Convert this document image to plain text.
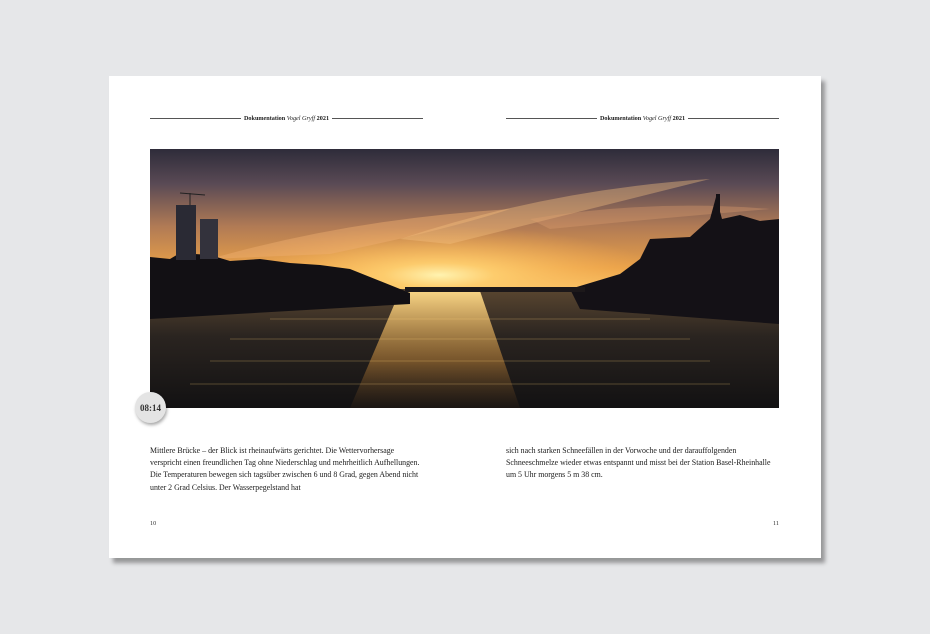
Dokumentation Vogel Gryff 2021	Dokumentation Vogel Gryff 2021
08:14

Mittlere Brücke – der Blick ist rheinaufwärts gerichtet. Die Wettervorhersage verspricht einen freundlichen Tag ohne Niederschlag und mehrheitlich Aufhellungen. Die Temperaturen bewegen sich tagsüber zwischen 6 und 8 Grad, gegen Abend nicht unter 2 Grad Celsius. Der Wasserpegelstand hat

sich nach starken Schneefällen in der Vorwoche und der darauffolgenden Schneeschmelze wieder etwas entspannt und misst bei der Station Basel-Rheinhalle um 5 Uhr morgens 5 m 38 cm.

10	11
